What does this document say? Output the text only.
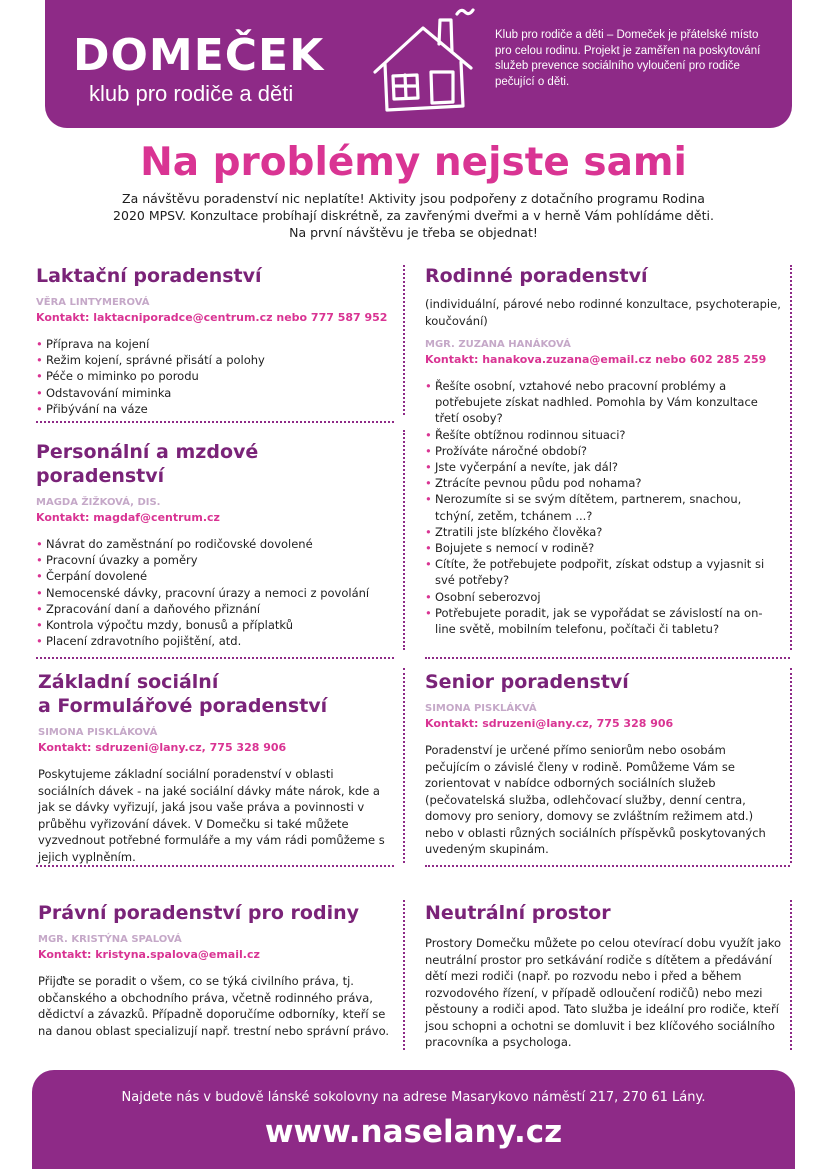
DOMEČEK
klub pro rodiče a děti
Klub pro rodiče a děti – Domeček je přátelské místo pro celou rodinu. Projekt je zaměřen na poskytování služeb prevence sociálního vyloučení pro rodiče pečující o děti.
Na problémy nejste sami
Za návštěvu poradenství nic neplatíte! Aktivity jsou podpořeny z dotačního programu Rodina 2020 MPSV. Konzultace probíhají diskrétně, za zavřenými dveřmi a v herně Vám pohlídáme děti. Na první návštěvu je třeba se objednat!
Laktační poradenství
VĚRA LINTYMEROVÁ
Kontakt: laktacniporadce@centrum.cz nebo 777 587 952
• Příprava na kojení
• Režim kojení, správné přisátí a polohy
• Péče o miminko po porodu
• Odstavování miminka
• Přibývání na váze
Personální a mzdové
poradenství
MAGDA ŽIŽKOVÁ, DIS.
Kontakt: magdaf@centrum.cz
• Návrat do zaměstnání po rodičovské dovolené
• Pracovní úvazky a poměry
• Čerpání dovolené
• Nemocenské dávky, pracovní úrazy a nemoci z povolání
• Zpracování daní a daňového přiznání
• Kontrola výpočtu mzdy, bonusů a příplatků
• Placení zdravotního pojištění, atd.
Základní sociální
a Formulářové poradenství
SIMONA PISKLÁKOVÁ
Kontakt: sdruzeni@lany.cz, 775 328 906
Poskytujeme základní sociální poradenství v oblasti sociálních dávek - na jaké sociální dávky máte nárok, kde a jak se dávky vyřizují, jaká jsou vaše práva a povinnosti v průběhu vyřizování dávek. V Domečku si také můžete vyzvednout potřebné formuláře a my vám rádi pomůžeme s jejich vyplněním.
Právní poradenství pro rodiny
MGR. KRISTÝNA SPALOVÁ
Kontakt: kristyna.spalova@email.cz
Přijďte se poradit o všem, co se týká civilního práva, tj. občanského a obchodního práva, včetně rodinného práva, dědictví a závazků. Případně doporučíme odborníky, kteří se na danou oblast specializují např. trestní nebo správní právo.
Rodinné poradenství
(individuální, párové nebo rodinné konzultace, psychoterapie, koučování)
MGR. ZUZANA HANÁKOVÁ
Kontakt: hanakova.zuzana@email.cz nebo 602 285 259
• Řešíte osobní, vztahové nebo pracovní problémy a potřebujete získat nadhled. Pomohla by Vám konzultace třetí osoby?
• Řešíte obtížnou rodinnou situaci?
• Prožíváte náročné období?
• Jste vyčerpání a nevíte, jak dál?
• Ztrácíte pevnou půdu pod nohama?
• Nerozumíte si se svým dítětem, partnerem, snachou, tchýní, zetěm, tchánem ...?
• Ztratili jste blízkého člověka?
• Bojujete s nemocí v rodině?
• Cítíte, že potřebujete podpořit, získat odstup a vyjasnit si své potřeby?
• Osobní seberozvoj
• Potřebujete poradit, jak se vypořádat se závislostí na on-line světě, mobilním telefonu, počítači či tabletu?
Senior poradenství
SIMONA PISKLÁKVÁ
Kontakt: sdruzeni@lany.cz, 775 328 906
Poradenství je určené přímo seniorům nebo osobám pečujícím o závislé členy v rodině. Pomůžeme Vám se zorientovat v nabídce odborných sociálních služeb (pečovatelská služba, odlehčovací služby, denní centra, domovy pro seniory, domovy se zvláštním režimem atd.) nebo v oblasti různých sociálních příspěvků poskytovaných uvedeným skupinám.
Neutrální prostor
Prostory Domečku můžete po celou otevírací dobu využít jako neutrální prostor pro setkávání rodiče s dítětem a předávání dětí mezi rodiči (např. po rozvodu nebo i před a během rozvodového řízení, v případě odloučení rodičů) nebo mezi pěstouny a rodiči apod. Tato služba je ideální pro rodiče, kteří jsou schopni a ochotni se domluvit i bez klíčového sociálního pracovníka a psychologa.
Najdete nás v budově lánské sokolovny na adrese Masarykovo náměstí 217, 270 61 Lány.
www.naselany.cz
